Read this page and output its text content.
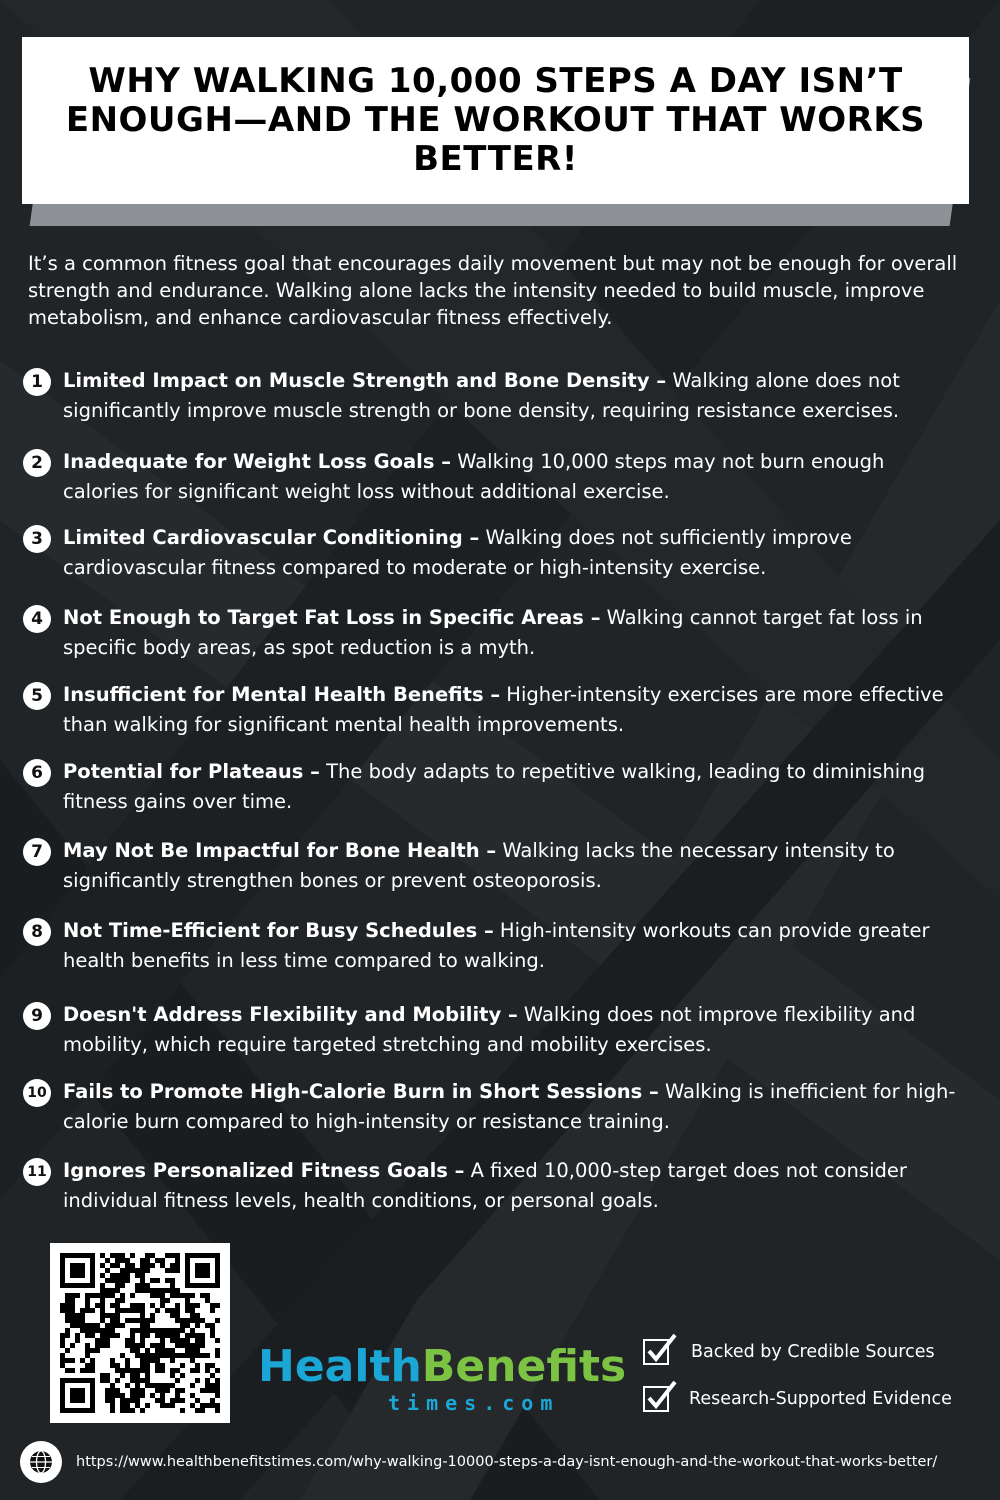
WHY WALKING 10,000 STEPS A DAY ISN’T ENOUGH—AND THE WORKOUT THAT WORKS BETTER!

It’s a common fitness goal that encourages daily movement but may not be enough for overall strength and endurance. Walking alone lacks the intensity needed to build muscle, improve metabolism, and enhance cardiovascular fitness effectively.

1	Limited Impact on Muscle Strength and Bone Density – Walking alone does not significantly improve muscle strength or bone density, requiring resistance exercises.
2	Inadequate for Weight Loss Goals – Walking 10,000 steps may not burn enough calories for significant weight loss without additional exercise.
3	Limited Cardiovascular Conditioning – Walking does not sufficiently improve cardiovascular fitness compared to moderate or high-intensity exercise.
4	Not Enough to Target Fat Loss in Specific Areas – Walking cannot target fat loss in specific body areas, as spot reduction is a myth.
5	Insufficient for Mental Health Benefits – Higher-intensity exercises are more effective than walking for significant mental health improvements.
6	Potential for Plateaus – The body adapts to repetitive walking, leading to diminishing fitness gains over time.
7	May Not Be Impactful for Bone Health – Walking lacks the necessary intensity to significantly strengthen bones or prevent osteoporosis.
8	Not Time-Efficient for Busy Schedules – High-intensity workouts can provide greater health benefits in less time compared to walking.
9	Doesn't Address Flexibility and Mobility – Walking does not improve flexibility and mobility, which require targeted stretching and mobility exercises.
10 Fails to Promote High-Calorie Burn in Short Sessions – Walking is inefficient for high-calorie burn compared to high-intensity or resistance training.
11 Ignores Personalized Fitness Goals – A fixed 10,000-step target does not consider individual fitness levels, health conditions, or personal goals.
HealthBenefits
times.com
Backed by Credible Sources
Research-Supported Evidence
https://www.healthbenefitstimes.com/why-walking-10000-steps-a-day-isnt-enough-and-the-workout-that-works-better/
